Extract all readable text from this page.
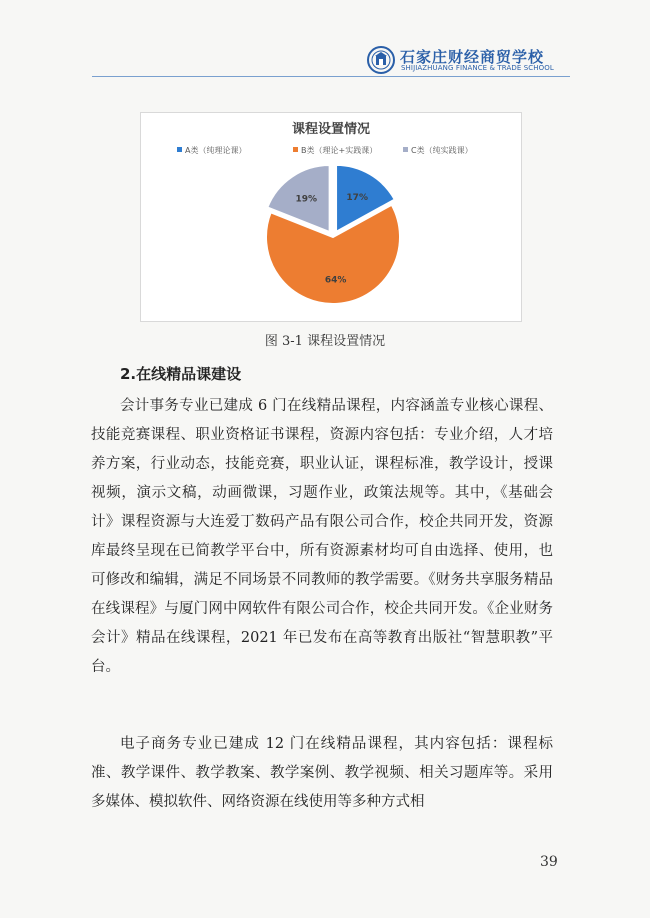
石家庄财经商贸学校
SHIJIAZHUANG FINANCE & TRADE SCHOOL
课程设置情况
A类（纯理论课）	B类（理论+实践课）	C类（纯实践课）
17%
64%
19%
图 3-1 课程设置情况
2.在线精品课建设

会计事务专业已建成 6 门在线精品课程，内容涵盖专业核心课程、技能竞赛课程、职业资格证书课程，资源内容包括：专业介绍，人才培养方案，行业动态，技能竞赛，职业认证，课程标准，教学设计，授课视频，演示文稿，动画微课，习题作业，政策法规等。其中，《基础会计》课程资源与大连爱丁数码产品有限公司合作，校企共同开发，资源库最终呈现在已简教学平台中，所有资源素材均可自由选择、使用，也可修改和编辑，满足不同场景不同教师的教学需要。《财务共享服务精品在线课程》与厦门网中网软件有限公司合作，校企共同开发。《企业财务会计》精品在线课程，2021 年已发布在高等教育出版社“智慧职教”平台。

电子商务专业已建成 12 门在线精品课程，其内容包括：课程标准、教学课件、教学教案、教学案例、教学视频、相关习题库等。采用多媒体、模拟软件、网络资源在线使用等多种方式相

39
